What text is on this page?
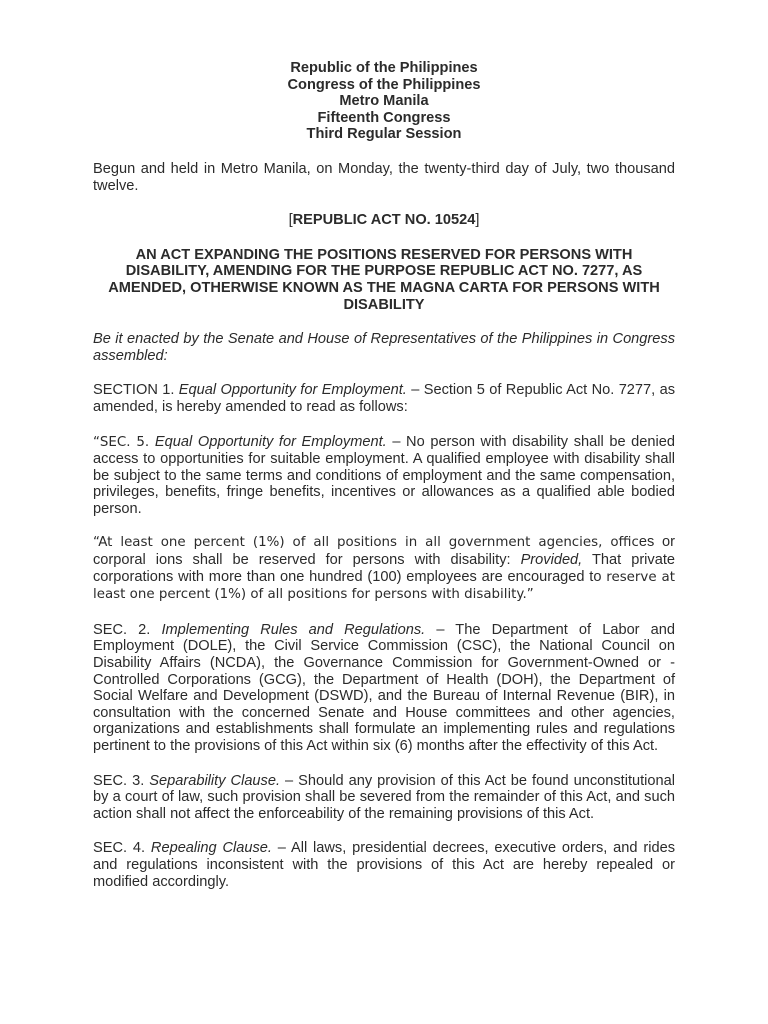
Republic of the Philippines
Congress of the Philippines
Metro Manila
Fifteenth Congress
Third Regular Session

Begun and held in Metro Manila, on Monday, the twenty-third day of July, two thousand twelve.

[REPUBLIC ACT NO. 10524]
AN ACT EXPANDING THE POSITIONS RESERVED FOR PERSONS WITH DISABILITY, AMENDING FOR THE PURPOSE REPUBLIC ACT NO. 7277, AS AMENDED, OTHERWISE KNOWN AS THE MAGNA CARTA FOR PERSONS WITH DISABILITY

Be it enacted by the Senate and House of Representatives of the Philippines in Congress assembled:

SECTION 1. Equal Opportunity for Employment. – Section 5 of Republic Act No. 7277, as amended, is hereby amended to read as follows:

“SEC. 5. Equal Opportunity for Employment. – No person with disability shall be denied access to opportunities for suitable employment. A qualified employee with disability shall be subject to the same terms and conditions of employment and the same compensation, privileges, benefits, fringe benefits, incentives or allowances as a qualified able bodied person.

“At least one percent (1%) of all positions in all government agencies, offices or corporal ions shall be reserved for persons with disability: Provided, That private corporations with more than one hundred (100) employees are encouraged to reserve at least one percent (1%) of all positions for persons with disability.”

SEC. 2. Implementing Rules and Regulations. – The Department of Labor and Employment (DOLE), the Civil Service Commission (CSC), the National Council on Disability Affairs (NCDA), the Governance Commission for Government-Owned or - Controlled Corporations (GCG), the Department of Health (DOH), the Department of Social Welfare and Development (DSWD), and the Bureau of Internal Revenue (BIR), in consultation with the concerned Senate and House committees and other agencies, organizations and establishments shall formulate an implementing rules and regulations pertinent to the provisions of this Act within six (6) months after the effectivity of this Act.

SEC. 3. Separability Clause. – Should any provision of this Act be found unconstitutional by a court of law, such provision shall be severed from the remainder of this Act, and such action shall not affect the enforceability of the remaining provisions of this Act.

SEC. 4. Repealing Clause. – All laws, presidential decrees, executive orders, and rides and regulations inconsistent with the provisions of this Act are hereby repealed or modified accordingly.
